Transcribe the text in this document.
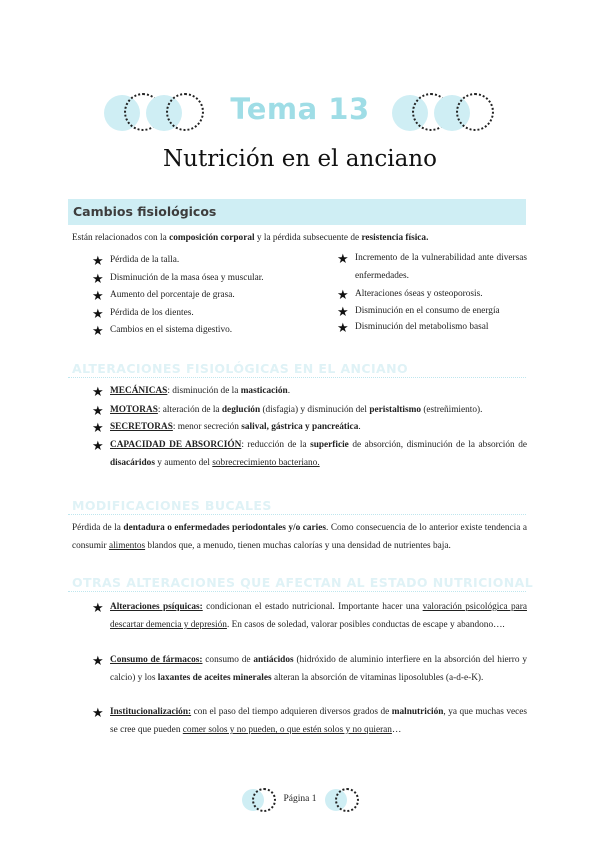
Tema 13
Nutrición en el anciano
Cambios fisiológicos
Están relacionados con la composición corporal y la pérdida subsecuente de resistencia física.
★ Pérdida de la talla.
★ Disminución de la masa ósea y muscular.
★ Aumento del porcentaje de grasa.
★ Pérdida de los dientes.
★ Cambios en el sistema digestivo.
★ Incremento de la vulnerabilidad ante diversas enfermedades.
★ Alteraciones óseas y osteoporosis.
★ Disminución en el consumo de energía
★ Disminución del metabolismo basal
ALTERACIONES FISIOLÓGICAS EN EL ANCIANO
★ MECÁNICAS: disminución de la masticación.
★ MOTORAS: alteración de la deglución (disfagia) y disminución del peristaltismo (estreñimiento).
★ SECRETORAS: menor secreción salival, gástrica y pancreática.
★ CAPACIDAD DE ABSORCIÓN: reducción de la superficie de absorción, disminución de la absorción de disacáridos y aumento del sobrecrecimiento bacteriano.
MODIFICACIONES BUCALES
Pérdida de la dentadura o enfermedades periodontales y/o caries. Como consecuencia de lo anterior existe tendencia a consumir alimentos blandos que, a menudo, tienen muchas calorías y una densidad de nutrientes baja.
OTRAS ALTERACIONES QUE AFECTAN AL ESTADO NUTRICIONAL
★ Alteraciones psíquicas: condicionan el estado nutricional. Importante hacer una valoración psicológica para descartar demencia y depresión. En casos de soledad, valorar posibles conductas de escape y abandono….
★ Consumo de fármacos: consumo de antiácidos (hidróxido de aluminio interfiere en la absorción del hierro y calcio) y los laxantes de aceites minerales alteran la absorción de vitaminas liposolubles (a-d-e-K).
★ Institucionalización: con el paso del tiempo adquieren diversos grados de malnutrición, ya que muchas veces se cree que pueden comer solos y no pueden, o que estén solos y no quieran…
Página 1
